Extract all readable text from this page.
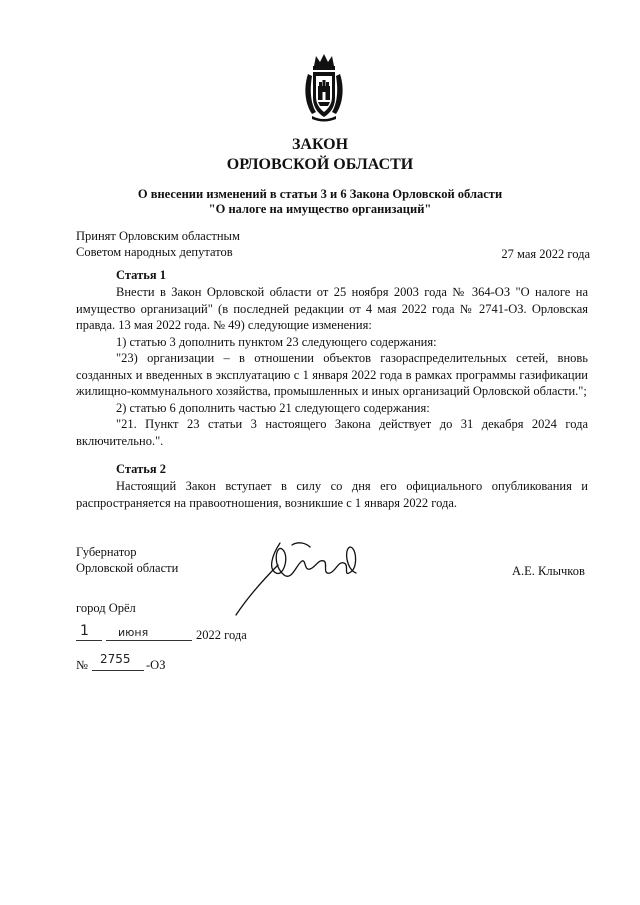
ЗАКОН
ОРЛОВСКОЙ ОБЛАСТИ
О внесении изменений в статьи 3 и 6 Закона Орловской области
"О налоге на имущество организаций"
Принят Орловским областным
Советом народных депутатов	27 мая 2022 года
Статья 1

Внести в Закон Орловской области от 25 ноября 2003 года № 364-ОЗ "О налоге на имущество организаций" (в последней редакции от 4 мая 2022 года № 2741-ОЗ. Орловская правда. 13 мая 2022 года. № 49) следующие изменения:

1) статью 3 дополнить пунктом 23 следующего содержания:

"23) организации – в отношении объектов газораспределительных сетей, вновь созданных и введенных в эксплуатацию с 1 января 2022 года в рамках программы газификации жилищно-коммунального хозяйства, промышленных и иных организаций Орловской области.";

2) статью 6 дополнить частью 21 следующего содержания:

"21. Пункт 23 статьи 3 настоящего Закона действует до 31 декабря 2024 года включительно.".

Статья 2

Настоящий Закон вступает в силу со дня его официального опубликования и распространяется на правоотношения, возникшие с 1 января 2022 года.

Губернатор
Орловской области	А.Е. Клычков
город Орёл
1	июня	2022 года
№ 2755 -ОЗ
